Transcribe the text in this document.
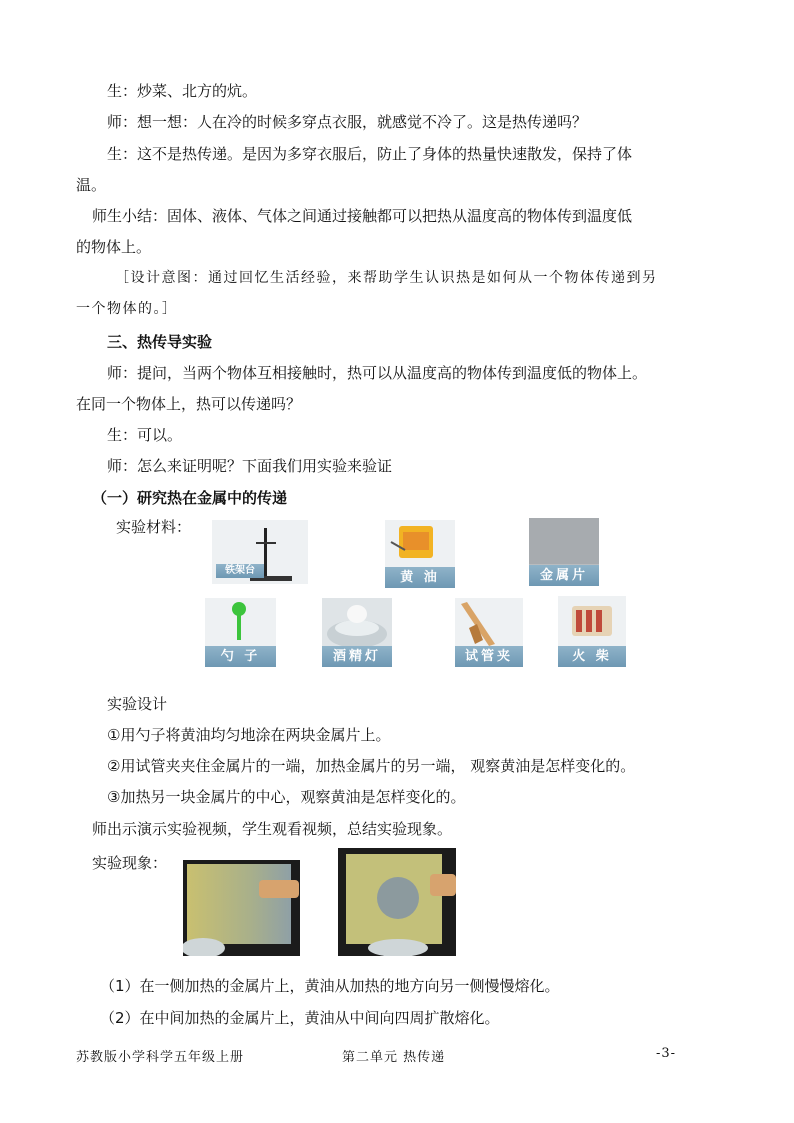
生：炒菜、北方的炕。
师：想一想：人在冷的时候多穿点衣服，就感觉不冷了。这是热传递吗？
生：这不是热传递。是因为多穿衣服后，防止了身体的热量快速散发，保持了体
温。
师生小结：固体、液体、气体之间通过接触都可以把热从温度高的物体传到温度低
的物体上。
［设计意图：通过回忆生活经验，来帮助学生认识热是如何从一个物体传递到另
一个物体的。］
三、热传导实验
师：提问，当两个物体互相接触时，热可以从温度高的物体传到温度低的物体上。
在同一个物体上，热可以传递吗？
生：可以。
师：怎么来证明呢？下面我们用实验来验证
（一）研究热在金属中的传递
实验材料：
铁架台	黄 油	金属片
勺 子	酒精灯	试管夹	火 柴
实验设计
①用勺子将黄油均匀地涂在两块金属片上。
②用试管夹夹住金属片的一端，加热金属片的另一端， 观察黄油是怎样变化的。
③加热另一块金属片的中心，观察黄油是怎样变化的。
师出示演示实验视频，学生观看视频，总结实验现象。
实验现象：
（1）在一侧加热的金属片上，黄油从加热的地方向另一侧慢慢熔化。
（2）在中间加热的金属片上，黄油从中间向四周扩散熔化。
苏教版小学科学五年级上册	第二单元 热传递	-3-
